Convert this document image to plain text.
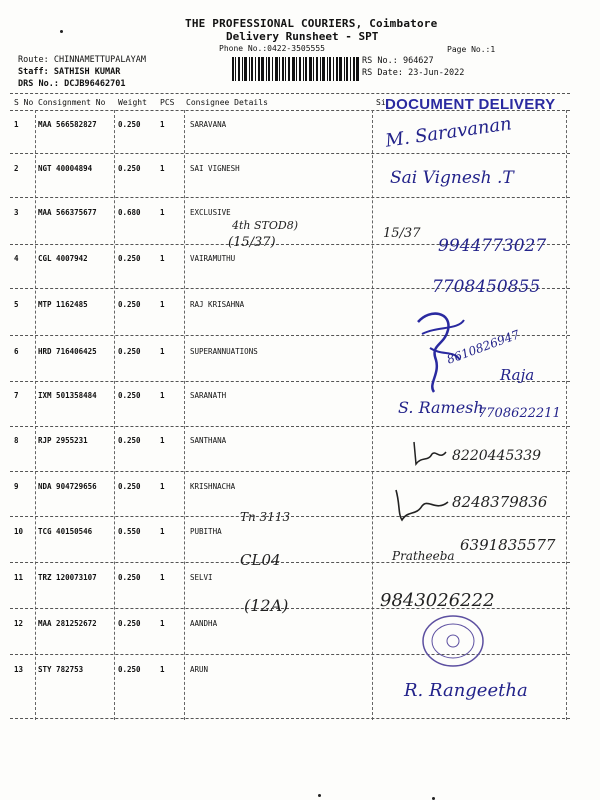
THE PROFESSIONAL COURIERS, Coimbatore
Delivery Runsheet - SPT
Phone No.:0422-3505555	Page No.:1
Route: CHINNAMETTUPALAYAM
Staff: SATHISH KUMAR
DRS No.: DCJB96462701
RS No.: 964627
RS Date: 23-Jun-2022
S No Consignment No Weight PCS Consignee Details	Si DOCUMENT DELIVERY
1	MAA 566582827	0.250	1	SARAVANA
2	NGT 40004894	0.250	1	SAI VIGNESH
3	MAA 566375677	0.680	1	EXCLUSIVE
4	CGL 4007942	0.250	1	VAIRAMUTHU
5	MTP 1162485	0.250	1	RAJ KRISAHNA
6	HRD 716406425	0.250	1	SUPERANNUATIONS
7	IXM 501358484	0.250	1	SARANATH
8	RJP 2955231	0.250	1	SANTHANA
9	NDA 904729656	0.250	1	KRISHNACHA
10 TCG 40150546	0.550	1	PUBITHA
11 TRZ 120073107	0.250	1	SELVI
12 MAA 281252672	0.250	1	AANDHA
13 STY 782753	0.250	1	ARUN
M. Saravanan
Sai Vignesh .T
4th STOD8)
(15/37)
15/37
9944773027
7708450855
8610826947
Raja
S. Ramesh
7708622211
8220445339
Tn 3113
8248379836
CL04	Pratheeba
6391835577
(12A)	9843026222
R. Rangeetha
